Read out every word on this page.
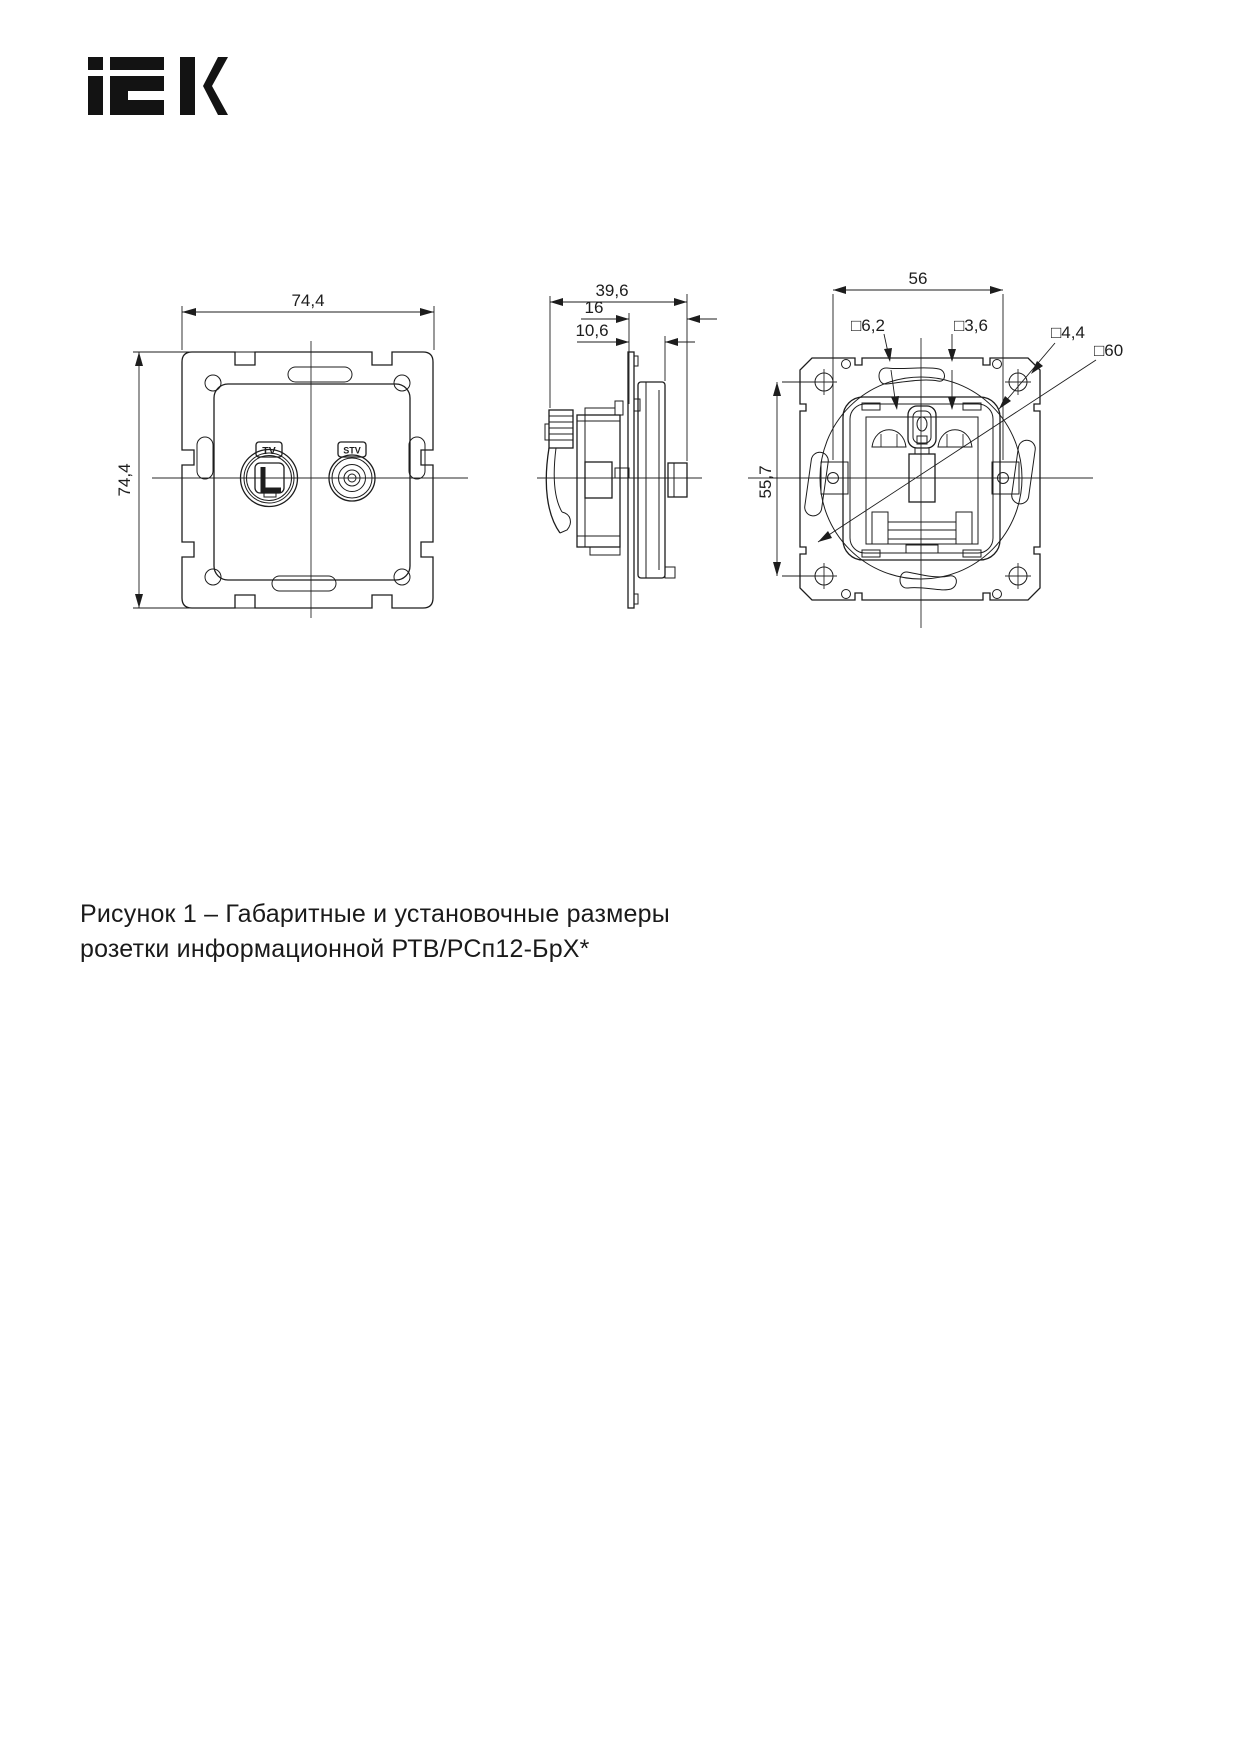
TV	STV
74,4
74,4
39,6
16
10,6
56
55,7
□6,2	□3,6	□4,4
□60
Рисунок 1 – Габаритные и установочные размеры
розетки информационной РТВ/РСп12-БрХ*
